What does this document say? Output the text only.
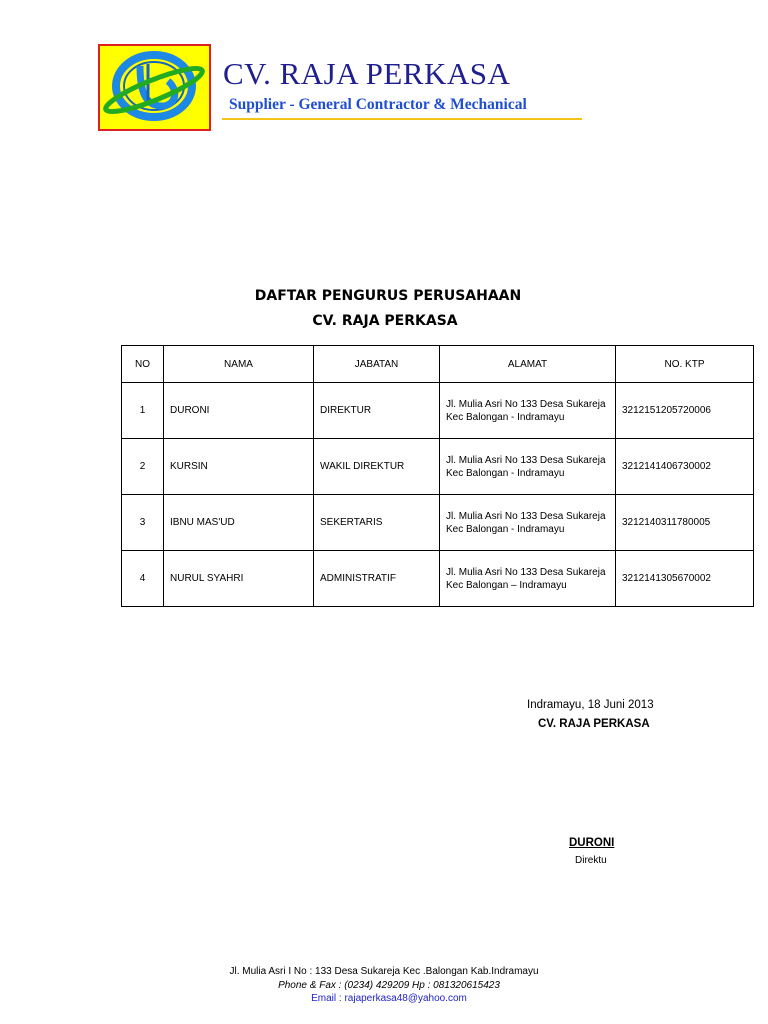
CV. RAJA PERKASA
Supplier - General Contractor & Mechanical
DAFTAR PENGURUS PERUSAHAAN
CV. RAJA PERKASA
NO	NAMA	JABATAN	ALAMAT	NO. KTP
1	DURONI	DIREKTUR	Jl. Mulia Asri No 133 Desa Sukareja Kec Balongan - Indramayu	3212151205720006
2	KURSIN	WAKIL DIREKTUR	Jl. Mulia Asri No 133 Desa Sukareja Kec Balongan - Indramayu	3212141406730002
3	IBNU MAS'UD	SEKERTARIS	Jl. Mulia Asri No 133 Desa Sukareja Kec Balongan - Indramayu	3212140311780005
4	NURUL SYAHRI	ADMINISTRATIF	Jl. Mulia Asri No 133 Desa Sukareja Kec Balongan – Indramayu	3212141305670002
Indramayu, 18 Juni 2013
CV. RAJA PERKASA
DURONI
Direktu
Jl. Mulia Asri I No : 133 Desa Sukareja Kec .Balongan Kab.Indramayu
Phone & Fax : (0234) 429209 Hp : 081320615423
Email : rajaperkasa48@yahoo.com
